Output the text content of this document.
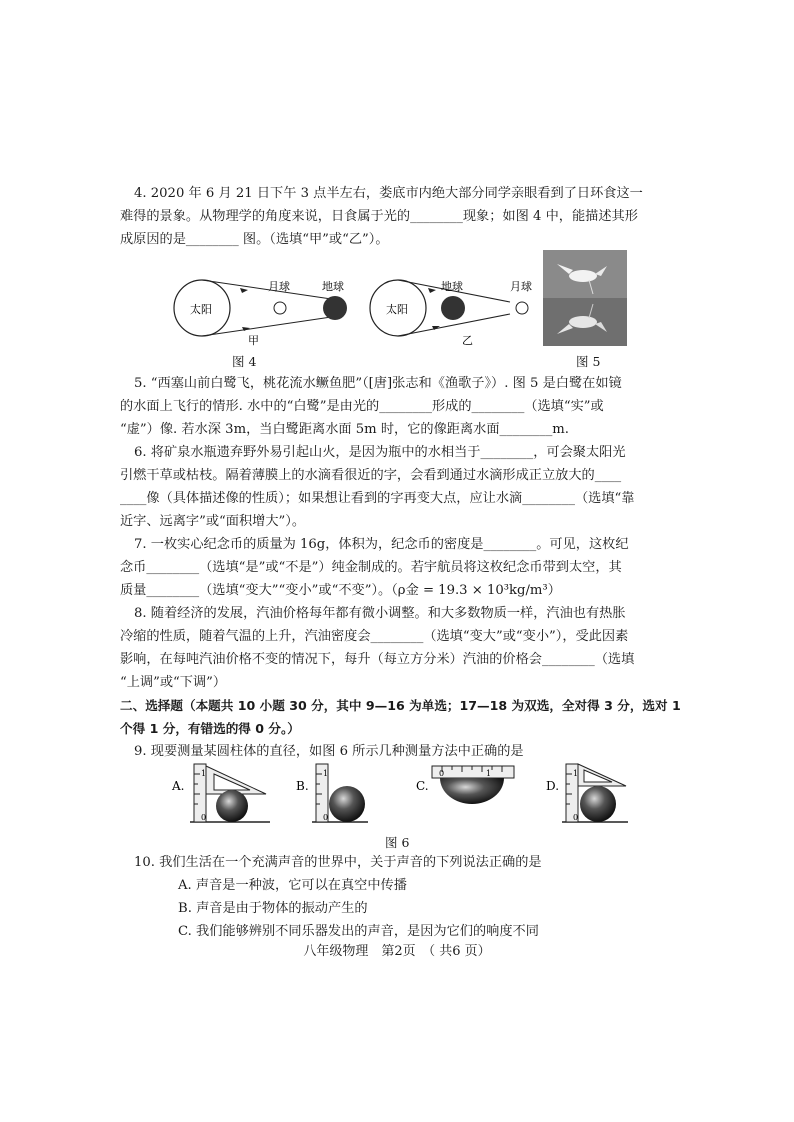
4. 2020 年 6 月 21 日下午 3 点半左右，娄底市内绝大部分同学亲眼看到了日环食这一
难得的景象。从物理学的角度来说，日食属于光的________现象；如图 4 中，能描述其形
成原因的是________ 图。（选填“甲”或“乙”）。
太阳
月球	地球
甲
太阳
地球	月球
乙
图 4	图 5
5. “西塞山前白鹭飞，桃花流水鳜鱼肥”（[唐]张志和《渔歌子》）. 图 5 是白鹭在如镜
的水面上飞行的情形. 水中的“白鹭”是由光的________形成的________（选填“实”或
“虚”）像. 若水深 3m，当白鹭距离水面 5m 时，它的像距离水面________m.
6. 将矿泉水瓶遗弃野外易引起山火，是因为瓶中的水相当于________，可会聚太阳光
引燃干草或枯枝。隔着薄膜上的水滴看很近的字，会看到通过水滴形成正立放大的____
____像（具体描述像的性质）；如果想让看到的字再变大点，应让水滴________（选填“靠
近字、远离字”或“面积增大”）。
7. 一枚实心纪念币的质量为 16g，体积为，纪念币的密度是________。可见，这枚纪
念币________（选填“是”或“不是”）纯金制成的。若宇航员将这枚纪念币带到太空，其
质量________（选填“变大”“变小”或“不变”）。（ρ金 = 19.3 × 10³kg/m³）
8. 随着经济的发展，汽油价格每年都有微小调整。和大多数物质一样，汽油也有热胀
冷缩的性质，随着气温的上升，汽油密度会________（选填“变大”或“变小”），受此因素
影响，在每吨汽油价格不变的情况下，每升（每立方分米）汽油的价格会________（选填
“上调”或“下调”）
二、选择题（本题共 10 小题 30 分，其中 9—16 为单选；17—18 为双选，全对得 3 分，选对 1
个得 1 分，有错选的得 0 分。）
9. 现要测量某圆柱体的直径，如图 6 所示几种测量方法中正确的是
A.
1
0
B.
1
0
C.
0	1
D.
1
0
图 6
10. 我们生活在一个充满声音的世界中，关于声音的下列说法正确的是
A. 声音是一种波，它可以在真空中传播
B. 声音是由于物体的振动产生的
C. 我们能够辨别不同乐器发出的声音，是因为它们的响度不同
八年级物理　第2页　（ 共6 页）
